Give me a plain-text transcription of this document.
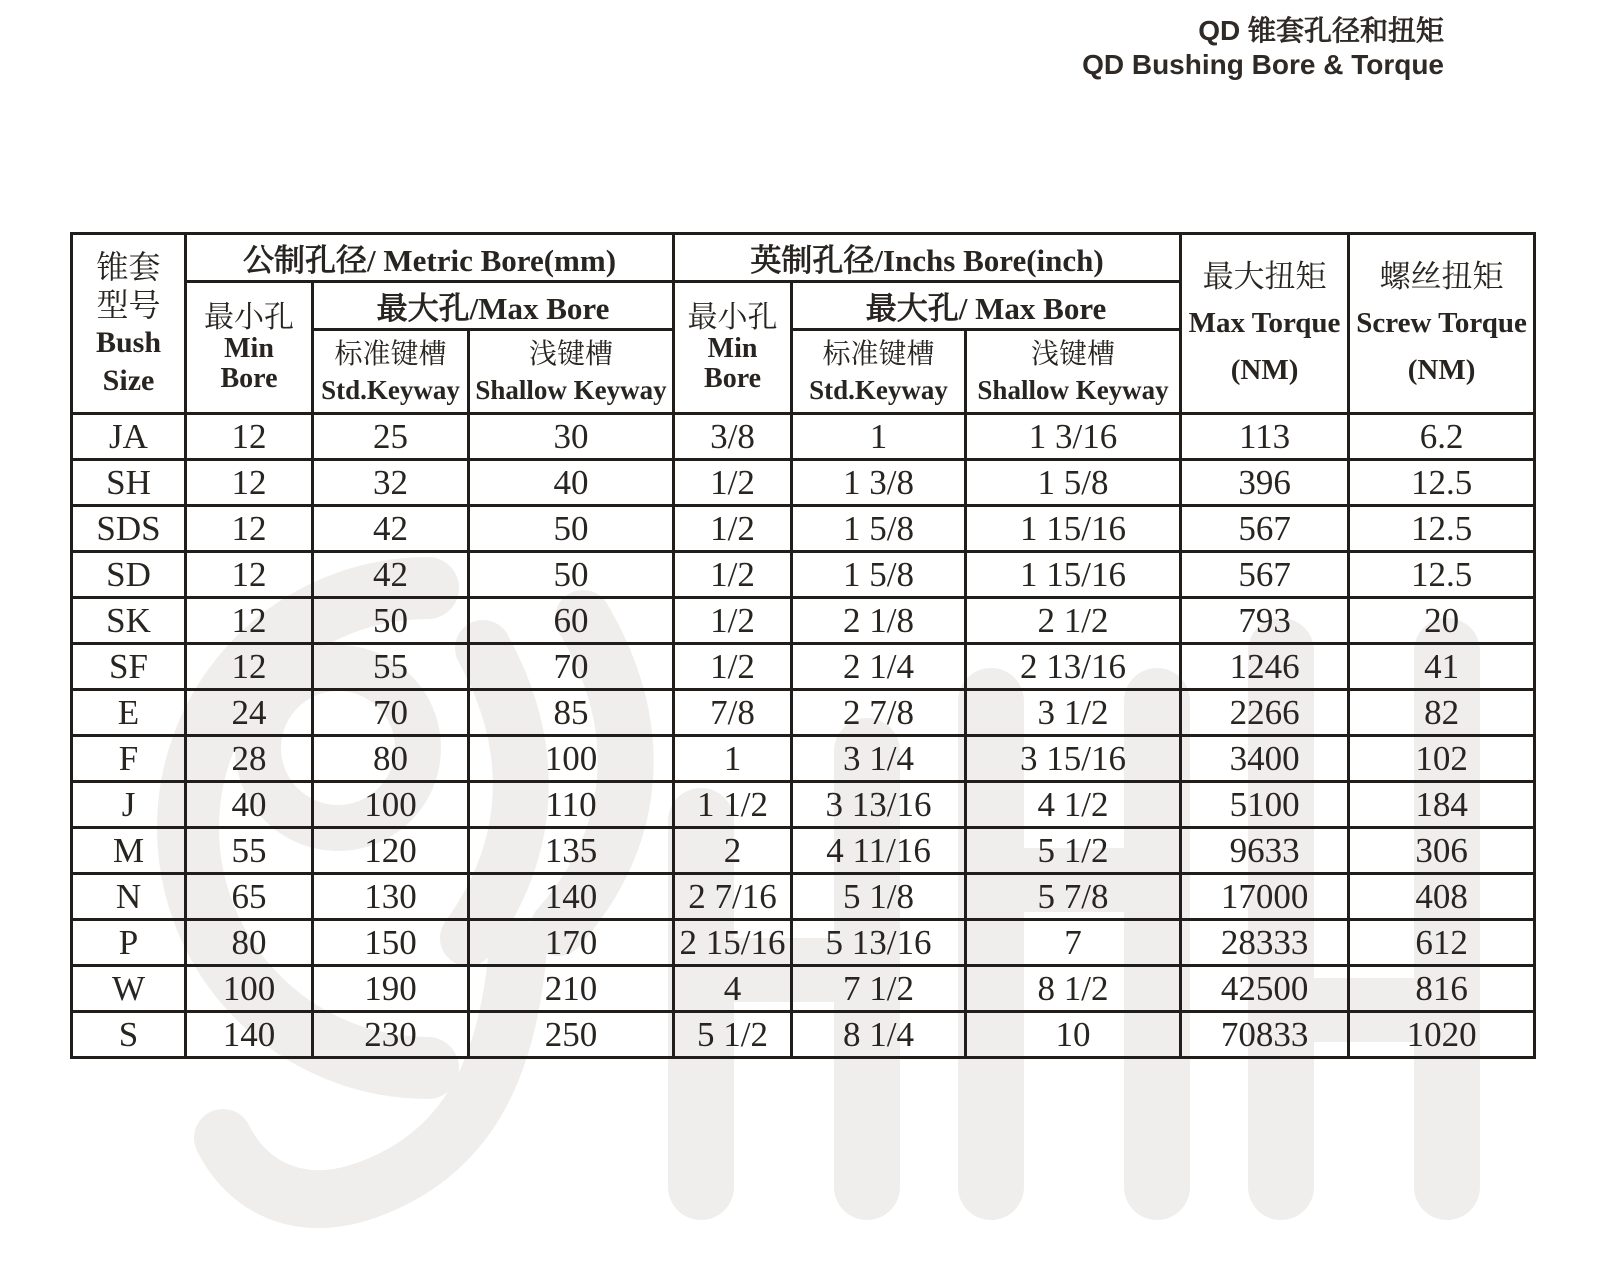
QD 锥套孔径和扭矩
QD Bushing Bore & Torque
锥套
型号
Bush
Size	公制孔径/ Metric Bore(mm)			英制孔径/Inchs Bore(inch)			最大扭矩
Max Torque
(NM)	螺丝扭矩
Screw Torque
(NM)

	最小孔
Min
Bore	最大孔/Max Bore		最小孔
Min
Bore	最大孔/ Max Bore			

		标准键槽
Std.Keyway	浅键槽
Shallow Keyway		标准键槽
Std.Keyway	浅键槽
Shallow Keyway		

JA	12	25	30	3/8	1	1 3/16	113	6.2
SH	12	32	40	1/2	1 3/8	1 5/8	396	12.5
SDS	12	42	50	1/2	1 5/8	1 15/16	567	12.5
SD	12	42	50	1/2	1 5/8	1 15/16	567	12.5
SK	12	50	60	1/2	2 1/8	2 1/2	793	20
SF	12	55	70	1/2	2 1/4	2 13/16	1246	41
E	24	70	85	7/8	2 7/8	3 1/2	2266	82
F	28	80	100	1	3 1/4	3 15/16	3400	102
J	40	100	110	1 1/2	3 13/16	4 1/2	5100	184
M	55	120	135	2	4 11/16	5 1/2	9633	306
N	65	130	140	2 7/16	5 1/8	5 7/8	17000	408
P	80	150	170	2 15/16	5 13/16	7	28333	612
W	100	190	210	4	7 1/2	8 1/2	42500	816
S	140	230	250	5 1/2	8 1/4	10	70833	1020
